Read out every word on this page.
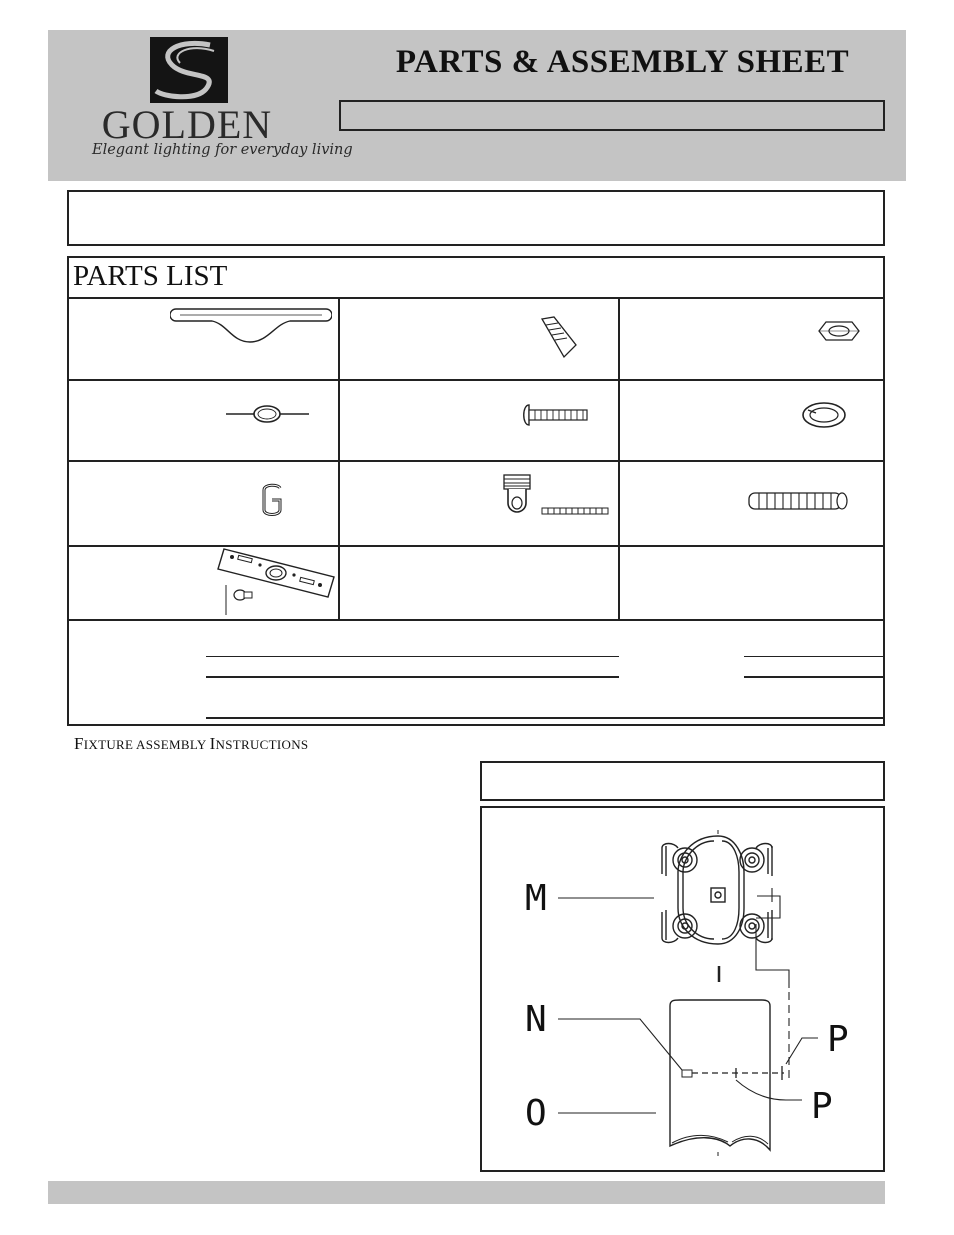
GOLDEN
Elegant lighting for everyday living
PARTS & ASSEMBLY SHEET
PARTS LIST
FIXTURE ASSEMBLY INSTRUCTIONS
M
N
O
P
P
